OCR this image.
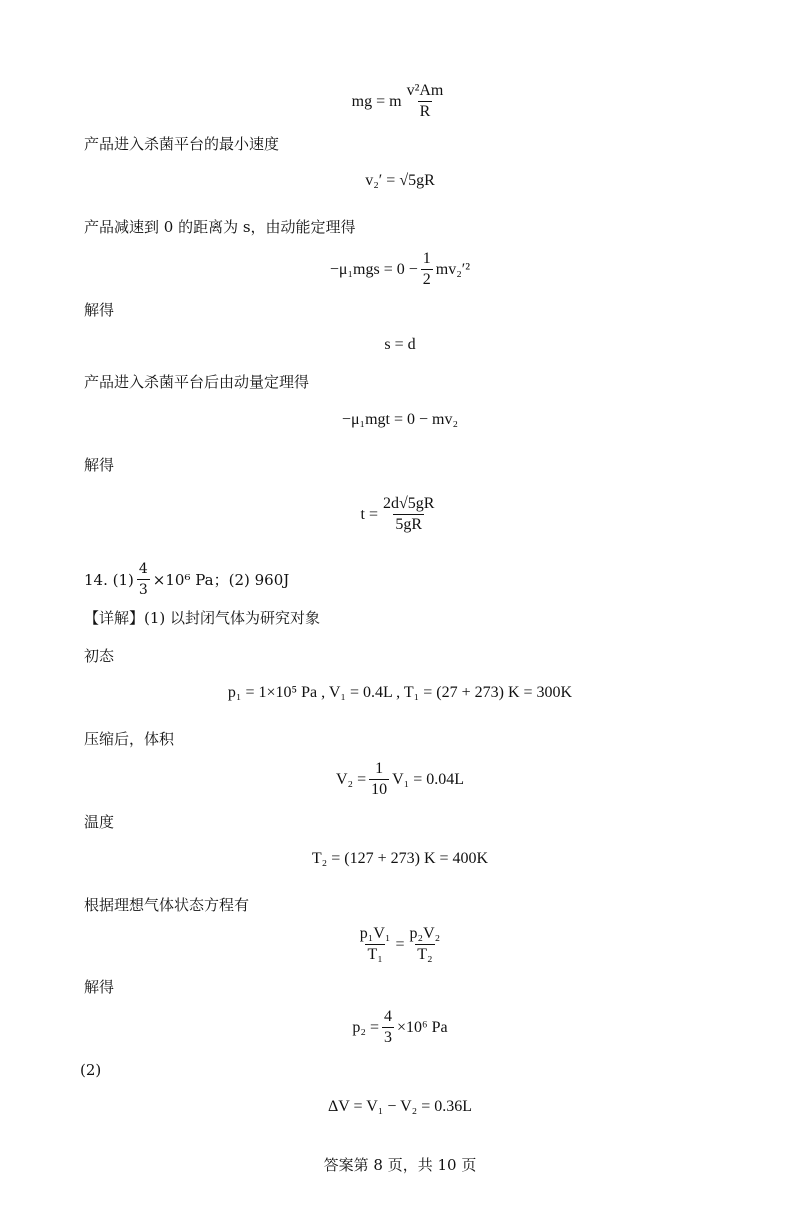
mg = m $\frac{\text{v²Am}}{R}$
产品进入杀菌平台的最小速度
v₂′ = √5gR
产品减速到 0 的距离为 s，由动能定理得
$-\mu_1mgs = 0 - \frac{1}{2} mv_2'^2$
解得
s = d
产品进入杀菌平台后由动量定理得
−μ₁mgt = 0 − mv₂
解得
$t = \frac{2d√5gR}{5gR}$
14. $(1) \frac{4}{3} \times 10^6$ Pa；(2) 960J
【详解】(1) 以封闭气体为研究对象
初态
p₁ = 1×10⁵ Pa , V₁ = 0.4L , T₁ = (27 + 273) K = 300K
压缩后，体积
$V_2 = \frac{1}{10} V_1 = 0.04L$
温度
T₂ = (127 + 273) K = 400K
根据理想气体状态方程有
$\frac{\text{p₁V₁}}{\text{T₁}} = \frac{\text{p₂V₂}}{\text{T₂}}$
解得
$p_2 = \frac{4}{3} \times 10^6$ Pa
(2)
ΔV = V₁ − V₂ = 0.36L
答案第 8 页，共 10 页
